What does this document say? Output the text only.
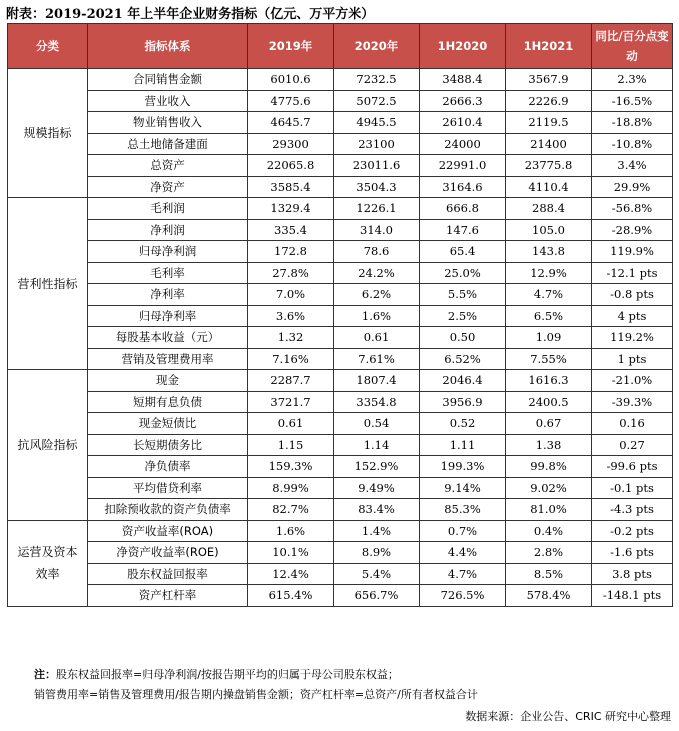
附表：2019-2021 年上半年企业财务指标（亿元、万平方米）
分类	指标体系	2019年	2020年	1H2020	1H2021	同比/百分点变动
规模指标	合同销售金额	6010.6	7232.5	3488.4	3567.9	2.3%
	营业收入	4775.6	5072.5	2666.3	2226.9	-16.5%
	物业销售收入	4645.7	4945.5	2610.4	2119.5	-18.8%
	总土地储备建面	29300	23100	24000	21400	-10.8%
	总资产	22065.8	23011.6	22991.0	23775.8	3.4%
	净资产	3585.4	3504.3	3164.6	4110.4	29.9%
营利性指标	毛利润	1329.4	1226.1	666.8	288.4	-56.8%
	净利润	335.4	314.0	147.6	105.0	-28.9%
	归母净利润	172.8	78.6	65.4	143.8	119.9%
	毛利率	27.8%	24.2%	25.0%	12.9%	-12.1 pts
	净利率	7.0%	6.2%	5.5%	4.7%	-0.8 pts
	归母净利率	3.6%	1.6%	2.5%	6.5%	4 pts
	每股基本收益（元）	1.32	0.61	0.50	1.09	119.2%
	营销及管理费用率	7.16%	7.61%	6.52%	7.55%	1 pts
抗风险指标	现金	2287.7	1807.4	2046.4	1616.3	-21.0%
	短期有息负债	3721.7	3354.8	3956.9	2400.5	-39.3%
	现金短债比	0.61	0.54	0.52	0.67	0.16
	长短期债务比	1.15	1.14	1.11	1.38	0.27
	净负债率	159.3%	152.9%	199.3%	99.8%	-99.6 pts
	平均借贷利率	8.99%	9.49%	9.14%	9.02%	-0.1 pts
	扣除预收款的资产负债率	82.7%	83.4%	85.3%	81.0%	-4.3 pts
运营及资本效率	资产收益率(ROA)	1.6%	1.4%	0.7%	0.4%	-0.2 pts
	净资产收益率(ROE)	10.1%	8.9%	4.4%	2.8%	-1.6 pts
	股东权益回报率	12.4%	5.4%	4.7%	8.5%	3.8 pts
	资产杠杆率	615.4%	656.7%	726.5%	578.4%	-148.1 pts
注：股东权益回报率=归母净利润/按报告期平均的归属于母公司股东权益；
销管费用率=销售及管理费用/报告期内操盘销售金额；资产杠杆率=总资产/所有者权益合计
数据来源：企业公告、CRIC 研究中心整理
